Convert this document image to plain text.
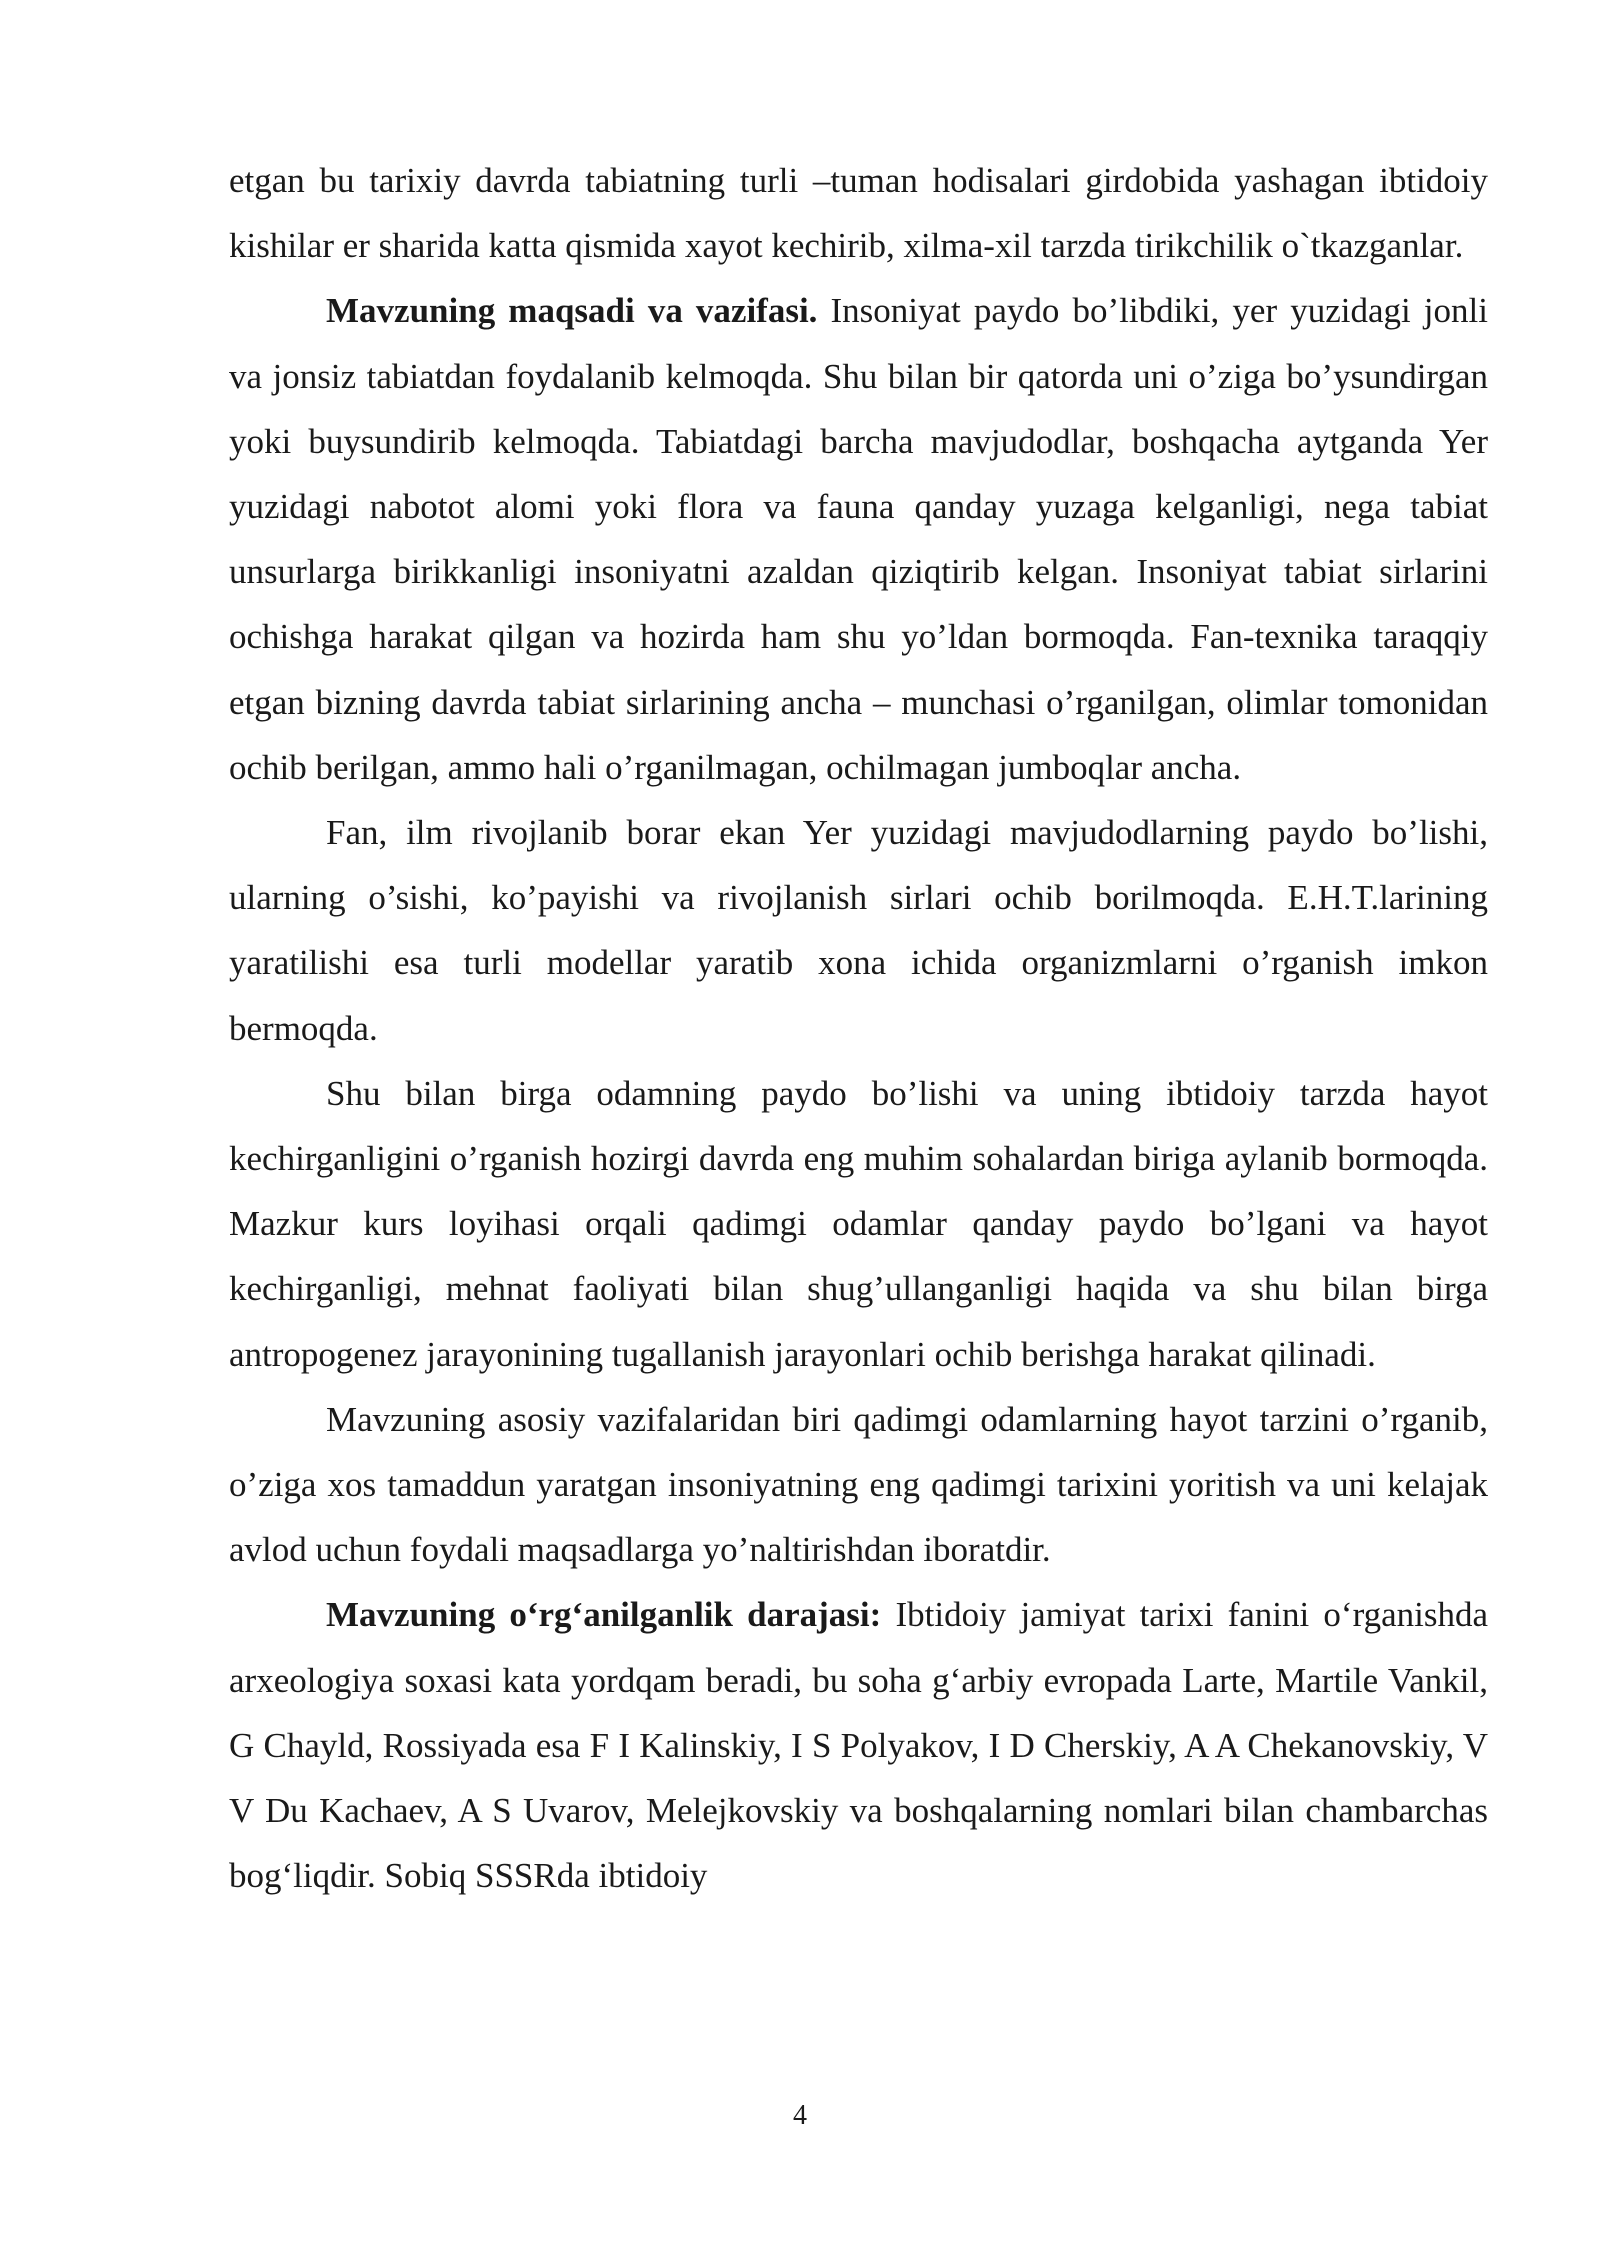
etgan bu tarixiy davrda tabiatning turli –tuman hodisalari girdobida yashagan ibtidoiy kishilar er sharida katta qismida xayot kechirib, xilma-xil tarzda tirikchilik o`tkazganlar.

Mavzuning maqsadi va vazifasi. Insoniyat paydo bo’libdiki, yer yuzidagi jonli va jonsiz tabiatdan foydalanib kelmoqda. Shu bilan bir qatorda uni o’ziga bo’ysundirgan yoki buysundirib kelmoqda. Tabiatdagi barcha mavjudodlar, boshqacha aytganda Yer yuzidagi nabotot alomi yoki flora va fauna qanday yuzaga kelganligi, nega tabiat unsurlarga birikkanligi insoniyatni azaldan qiziqtirib kelgan. Insoniyat tabiat sirlarini ochishga harakat qilgan va hozirda ham shu yo’ldan bormoqda. Fan-texnika taraqqiy etgan bizning davrda tabiat sirlarining ancha – munchasi o’rganilgan, olimlar tomonidan ochib berilgan, ammo hali o’rganilmagan, ochilmagan jumboqlar ancha.

Fan, ilm rivojlanib borar ekan Yer yuzidagi mavjudodlarning paydo bo’lishi, ularning o’sishi, ko’payishi va rivojlanish sirlari ochib borilmoqda. E.H.T.larining yaratilishi esa turli modellar yaratib xona ichida organizmlarni o’rganish imkon bermoqda.

Shu bilan birga odamning paydo bo’lishi va uning ibtidoiy tarzda hayot kechirganligini o’rganish hozirgi davrda eng muhim sohalardan biriga aylanib bormoqda. Mazkur kurs loyihasi orqali qadimgi odamlar qanday paydo bo’lgani va hayot kechirganligi, mehnat faoliyati bilan shug’ullanganligi haqida va shu bilan birga antropogenez jarayonining tugallanish jarayonlari ochib berishga harakat qilinadi.

Mavzuning asosiy vazifalaridan biri qadimgi odamlarning hayot tarzini o’rganib, o’ziga xos tamaddun yaratgan insoniyatning eng qadimgi tarixini yoritish va uni kelajak avlod uchun foydali maqsadlarga yo’naltirishdan iboratdir.

Mavzuning o‘rg‘anilganlik darajasi: Ibtidoiy jamiyat tarixi fanini o‘rganishda arxeologiya soxasi kata yordqam beradi, bu soha g‘arbiy evropada Larte, Martile Vankil, G Chayld, Rossiyada esa F I Kalinskiy, I S Polyakov, I D Cherskiy, A A Chekanovskiy, V V Du Kachaev, A S Uvarov, Melejkovskiy va boshqalarning nomlari bilan chambarchas bog‘liqdir. Sobiq SSSRda ibtidoiy

4
